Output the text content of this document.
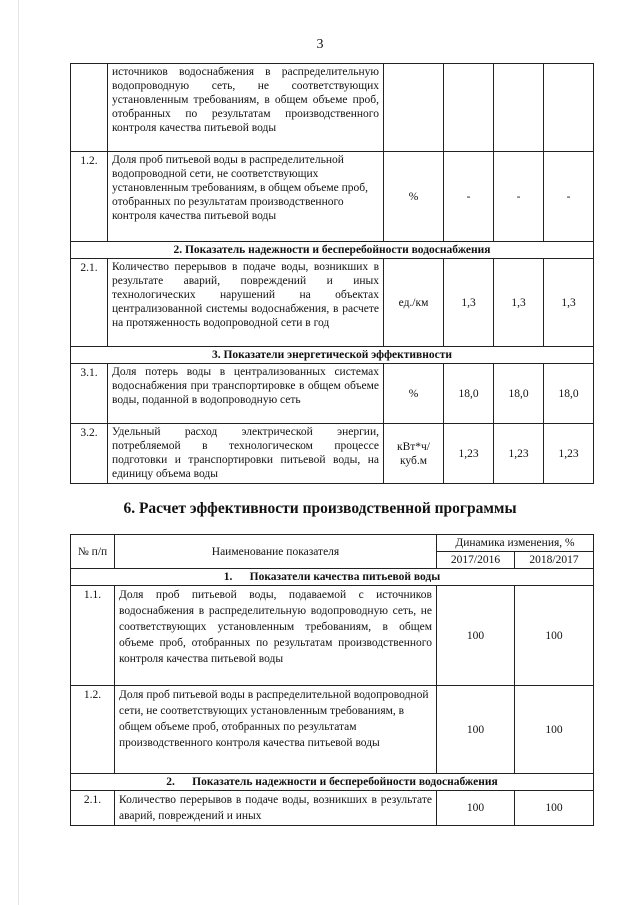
3
	источников водоснабжения в распределительную водопроводную сеть, не соответствующих установленным требованиям, в общем объеме проб, отобранных по результатам производственного контроля качества питьевой воды				
1.2.	Доля проб питьевой воды в распределительной водопроводной сети, не соответствующих установленным требованиям, в общем объеме проб, отобранных по результатам производственного контроля качества питьевой воды	%	-	-	-
2. Показатель надежности и бесперебойности водоснабжения					
2.1.	Количество перерывов в подаче воды, возникших в результате аварий, повреждений и иных технологических нарушений на объектах централизованной системы водоснабжения, в расчете на протяженность водопроводной сети в год	ед./км	1,3	1,3	1,3
3. Показатели энергетической эффективности					
3.1.	Доля потерь воды в централизованных системах водоснабжения при транспортировке в общем объеме воды, поданной в водопроводную сеть	%	18,0	18,0	18,0
3.2.	Удельный расход электрической энергии, потребляемой в технологическом процессе подготовки и транспортировки питьевой воды, на единицу объема воды	кВт*ч/ куб.м	1,23	1,23	1,23
6. Расчет эффективности производственной программы
№ п/п	Наименование показателя	Динамика изменения, %	
		2017/2016	2018/2017
1.      Показатели качества питьевой воды			
1.1.	Доля проб питьевой воды, подаваемой с источников водоснабжения в распределительную водопроводную сеть, не соответствующих установленным требованиям, в общем объеме проб, отобранных по результатам производственного контроля качества питьевой воды	100	100
1.2.	Доля проб питьевой воды в распределительной водопроводной сети, не соответствующих установленным требованиям, в общем объеме проб, отобранных по результатам производственного контроля качества питьевой воды	100	100
2.      Показатель надежности и бесперебойности водоснабжения			
2.1.	Количество перерывов в подаче воды, возникших в результате аварий, повреждений и иных	100	100
